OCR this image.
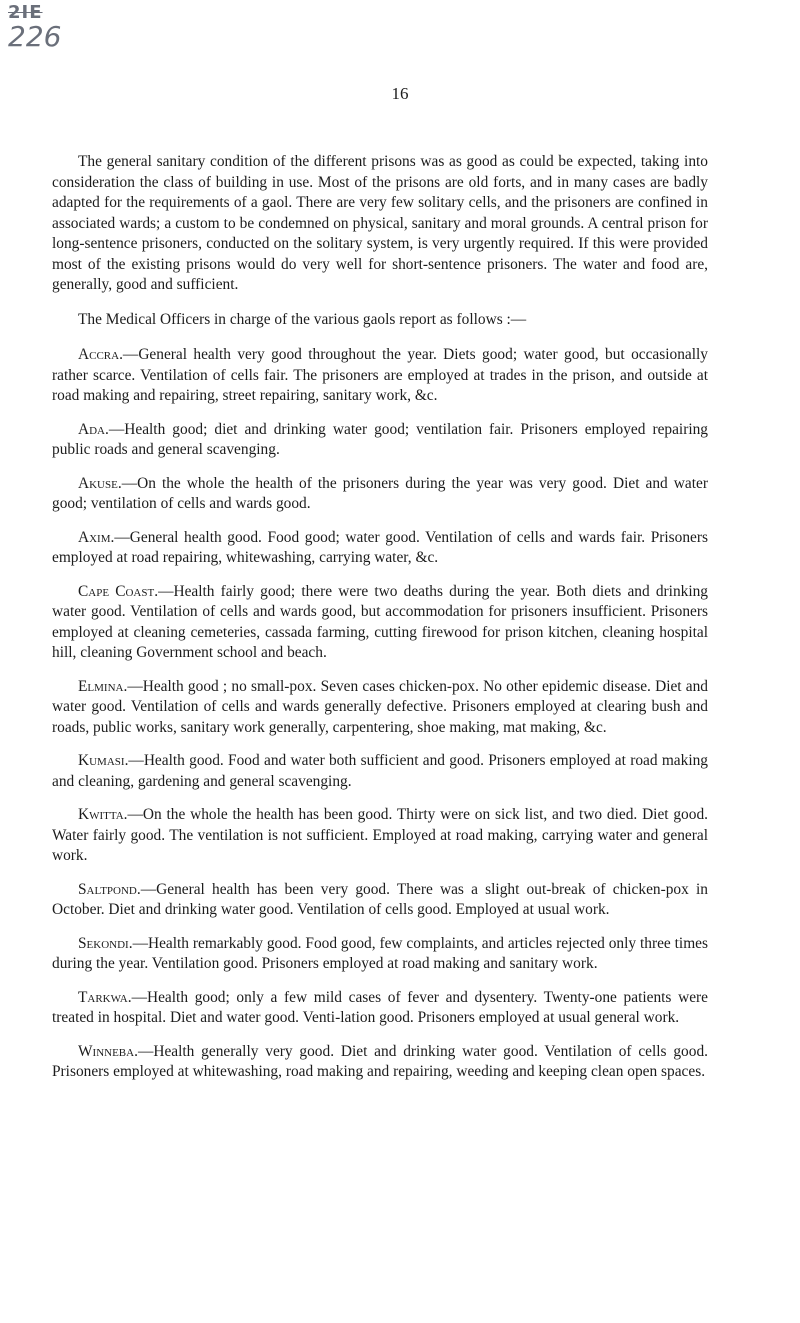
2IE
226
16

The general sanitary condition of the different prisons was as good as could be expected, taking into consideration the class of building in use. Most of the prisons are old forts, and in many cases are badly adapted for the requirements of a gaol. There are very few solitary cells, and the prisoners are confined in associated wards; a custom to be condemned on physical, sanitary and moral grounds. A central prison for long-sentence prisoners, conducted on the solitary system, is very urgently required. If this were provided most of the existing prisons would do very well for short-sentence prisoners. The water and food are, generally, good and sufficient.

The Medical Officers in charge of the various gaols report as follows :—

Accra.—General health very good throughout the year. Diets good; water good, but occasionally rather scarce. Ventilation of cells fair. The prisoners are employed at trades in the prison, and outside at road making and repairing, street repairing, sanitary work, &c.

Ada.—Health good; diet and drinking water good; ventilation fair. Prisoners employed repairing public roads and general scavenging.

Akuse.—On the whole the health of the prisoners during the year was very good. Diet and water good; ventilation of cells and wards good.

Axim.—General health good. Food good; water good. Ventilation of cells and wards fair. Prisoners employed at road repairing, whitewashing, carrying water, &c.

Cape Coast.—Health fairly good; there were two deaths during the year. Both diets and drinking water good. Ventilation of cells and wards good, but accommodation for prisoners insufficient. Prisoners employed at cleaning cemeteries, cassada farming, cutting firewood for prison kitchen, cleaning hospital hill, cleaning Government school and beach.

Elmina.—Health good ; no small-pox. Seven cases chicken-pox. No other epidemic disease. Diet and water good. Ventilation of cells and wards generally defective. Prisoners employed at clearing bush and roads, public works, sanitary work generally, carpentering, shoe making, mat making, &c.

Kumasi.—Health good. Food and water both sufficient and good. Prisoners employed at road making and cleaning, gardening and general scavenging.

Kwitta.—On the whole the health has been good. Thirty were on sick list, and two died. Diet good. Water fairly good. The ventilation is not sufficient. Employed at road making, carrying water and general work.

Saltpond.—General health has been very good. There was a slight out-break of chicken-pox in October. Diet and drinking water good. Ventilation of cells good. Employed at usual work.

Sekondi.—Health remarkably good. Food good, few complaints, and articles rejected only three times during the year. Ventilation good. Prisoners employed at road making and sanitary work.

Tarkwa.—Health good; only a few mild cases of fever and dysentery. Twenty-one patients were treated in hospital. Diet and water good. Venti-lation good. Prisoners employed at usual general work.

Winneba.—Health generally very good. Diet and drinking water good. Ventilation of cells good. Prisoners employed at whitewashing, road making and repairing, weeding and keeping clean open spaces.
